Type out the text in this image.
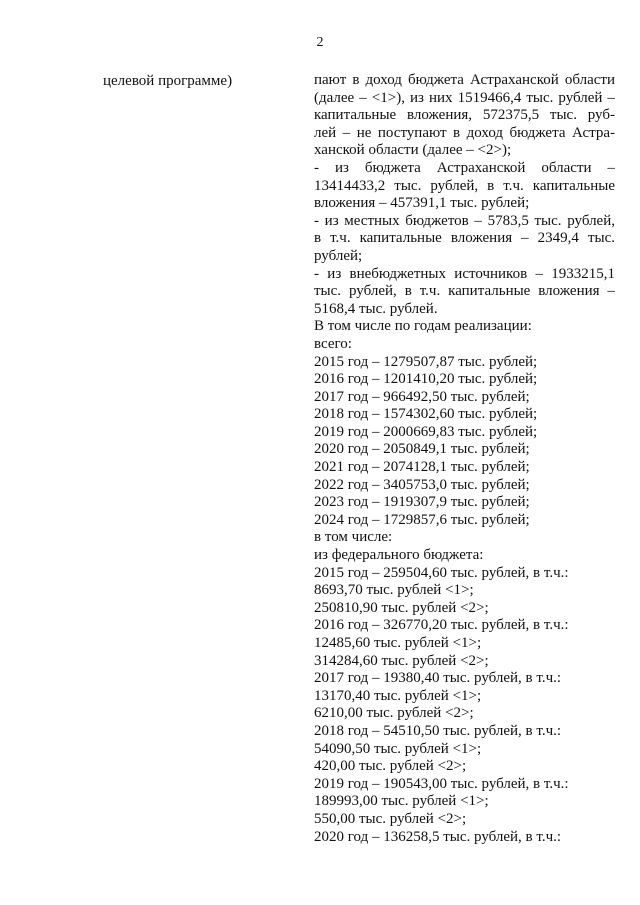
2
целевой программе)	пают в доход бюджета Астраханской области
(далее – <1>), из них 1519466,4 тыс. рублей –
капитальные вложения, 572375,5 тыс. руб-
лей – не поступают в доход бюджета Астра-
ханской области (далее – <2>);
- из бюджета Астраханской области –
13414433,2 тыс. рублей, в т.ч. капитальные
вложения – 457391,1 тыс. рублей;
- из местных бюджетов – 5783,5 тыс. рублей,
в т.ч. капитальные вложения – 2349,4 тыс.
рублей;
- из внебюджетных источников – 1933215,1
тыс. рублей, в т.ч. капитальные вложения –
5168,4 тыс. рублей.
В том числе по годам реализации:
всего:
2015 год – 1279507,87 тыс. рублей;
2016 год – 1201410,20 тыс. рублей;
2017 год – 966492,50 тыс. рублей;
2018 год – 1574302,60 тыс. рублей;
2019 год – 2000669,83 тыс. рублей;
2020 год – 2050849,1 тыс. рублей;
2021 год – 2074128,1 тыс. рублей;
2022 год – 3405753,0 тыс. рублей;
2023 год – 1919307,9 тыс. рублей;
2024 год – 1729857,6 тыс. рублей;
в том числе:
из федерального бюджета:
2015 год – 259504,60 тыс. рублей, в т.ч.:
8693,70 тыс. рублей <1>;
250810,90 тыс. рублей <2>;
2016 год – 326770,20 тыс. рублей, в т.ч.:
12485,60 тыс. рублей <1>;
314284,60 тыс. рублей <2>;
2017 год – 19380,40 тыс. рублей, в т.ч.:
13170,40 тыс. рублей <1>;
6210,00 тыс. рублей <2>;
2018 год – 54510,50 тыс. рублей, в т.ч.:
54090,50 тыс. рублей <1>;
420,00 тыс. рублей <2>;
2019 год – 190543,00 тыс. рублей, в т.ч.:
189993,00 тыс. рублей <1>;
550,00 тыс. рублей <2>;
2020 год – 136258,5 тыс. рублей, в т.ч.:
